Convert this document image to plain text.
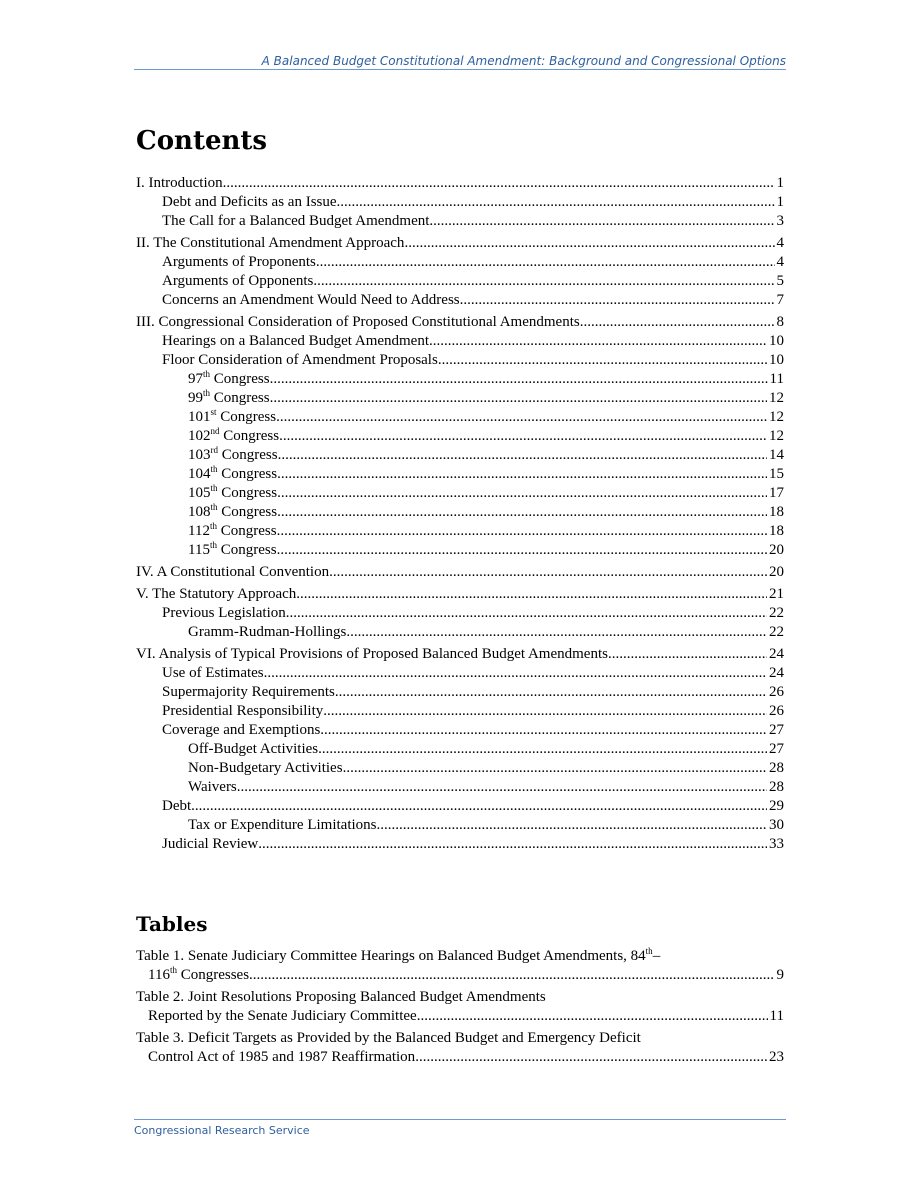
A Balanced Budget Constitutional Amendment: Background and Congressional Options
Contents
I. Introduction .....	1
Debt and Deficits as an Issue .....	1
The Call for a Balanced Budget Amendment .....	3
II. The Constitutional Amendment Approach .....	4
Arguments of Proponents .....	4
Arguments of Opponents .....	5
Concerns an Amendment Would Need to Address .....	7
III. Congressional Consideration of Proposed Constitutional Amendments .....	8
Hearings on a Balanced Budget Amendment .....	10
Floor Consideration of Amendment Proposals .....	10
97th Congress .....	11
99th Congress .....	12
101st Congress .....	12
102nd Congress .....	12
103rd Congress .....	14
104th Congress .....	15
105th Congress .....	17
108th Congress .....	18
112th Congress .....	18
115th Congress .....	20
IV. A Constitutional Convention .....	20
V. The Statutory Approach .....	21
Previous Legislation .....	22
Gramm-Rudman-Hollings .....	22
VI. Analysis of Typical Provisions of Proposed Balanced Budget Amendments .....	24
Use of Estimates .....	24
Supermajority Requirements .....	26
Presidential Responsibility .....	26
Coverage and Exemptions .....	27
Off-Budget Activities .....	27
Non-Budgetary Activities .....	28
Waivers .....	28
Debt .....	29
Tax or Expenditure Limitations .....	30
Judicial Review .....	33
Tables
Table 1. Senate Judiciary Committee Hearings on Balanced Budget Amendments, 84th–
116th Congresses .....	9
Table 2. Joint Resolutions Proposing Balanced Budget Amendments
Reported by the Senate Judiciary Committee .....	11
Table 3. Deficit Targets as Provided by the Balanced Budget and Emergency Deficit
Control Act of 1985 and 1987 Reaffirmation .....	23
Congressional Research Service
